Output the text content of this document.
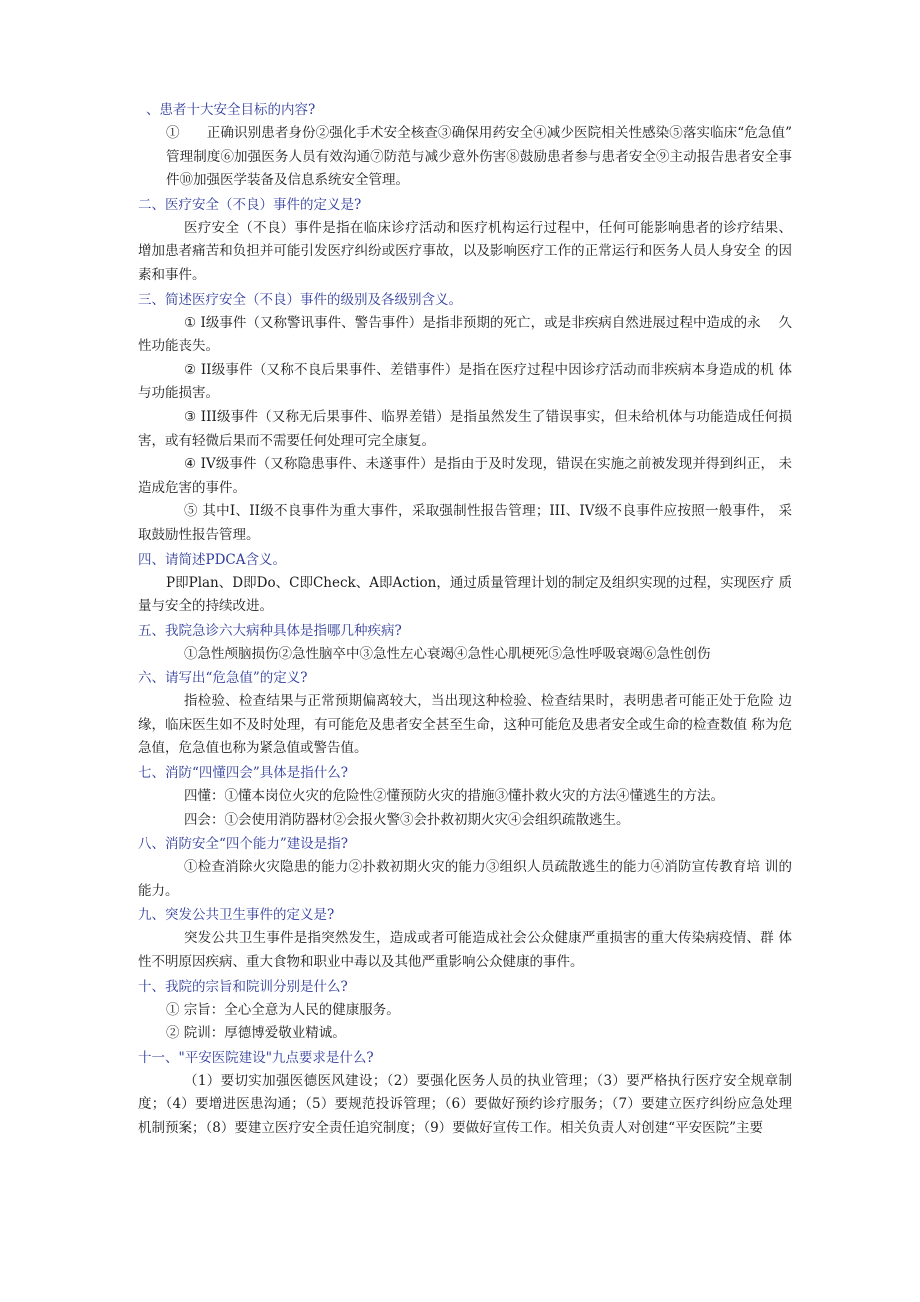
、患者十大安全目标的内容?

①　　正确识别患者身份②强化手术安全核查③确保用药安全④减少医院相关性感染⑤落实临床“危急值”　管理制度⑥加强医务人员有效沟通⑦防范与减少意外伤害⑧鼓励患者参与患者安全⑨主动报告患者安全事件⑩加强医学装备及信息系统安全管理。

二、医疗安全（不良）事件的定义是?

医疗安全（不良）事件是指在临床诊疗活动和医疗机构运行过程中，任何可能影响患者的诊疗结果、 增加患者痛苦和负担并可能引发医疗纠纷或医疗事故，以及影响医疗工作的正常运行和医务人员人身安全 的因素和事件。

三、简述医疗安全（不良）事件的级别及各级别含义。

① I级事件（又称警讯事件、警告事件）是指非预期的死亡，或是非疾病自然进展过程中造成的永　 久性功能丧失。

② II级事件（又称不良后果事件、差错事件）是指在医疗过程中因诊疗活动而非疾病本身造成的机 体与功能损害。

③ III级事件（又称无后果事件、临界差错）是指虽然发生了错误事实，但未给机体与功能造成任何损害，或有轻微后果而不需要任何处理可完全康复。

④ IV级事件（又称隐患事件、未遂事件）是指由于及时发现，错误在实施之前被发现并得到纠正， 未造成危害的事件。

⑤ 其中I、II级不良事件为重大事件，采取强制性报告管理；III、IV级不良事件应按照一般事件， 采取鼓励性报告管理。

四、请简述PDCA含义。

P即Plan、D即Do、C即Check、A即Action，通过质量管理计划的制定及组织实现的过程，实现医疗 质量与安全的持续改进。

五、我院急诊六大病种具体是指哪几种疾病?

①急性颅脑损伤②急性脑卒中③急性左心衰竭④急性心肌梗死⑤急性呼吸衰竭⑥急性创伤

六、请写出“危急值”的定义?

指检验、检查结果与正常预期偏离较大，当出现这种检验、检查结果时，表明患者可能正处于危险 边缘，临床医生如不及时处理，有可能危及患者安全甚至生命，这种可能危及患者安全或生命的检查数值 称为危急值，危急值也称为紧急值或警告值。

七、消防“四懂四会”具体是指什么?

四懂：①懂本岗位火灾的危险性②懂预防火灾的措施③懂扑救火灾的方法④懂逃生的方法。

四会：①会使用消防器材②会报火警③会扑救初期火灾④会组织疏散逃生。

八、消防安全“四个能力”建设是指?

①检查消除火灾隐患的能力②扑救初期火灾的能力③组织人员疏散逃生的能力④消防宣传教育培 训的能力。

九、突发公共卫生事件的定义是?

突发公共卫生事件是指突然发生，造成或者可能造成社会公众健康严重损害的重大传染病疫情、群 体性不明原因疾病、重大食物和职业中毒以及其他严重影响公众健康的事件。

十、我院的宗旨和院训分别是什么?

① 宗旨：全心全意为人民的健康服务。

② 院训：厚德博爱敬业精诚。

十一、"平安医院建设"九点要求是什么?

（1）要切实加强医德医风建设；（2）要强化医务人员的执业管理；（3）要严格执行医疗安全规章制度；（4）要增进医患沟通；（5）要规范投诉管理；（6）要做好预约诊疗服务；（7）要建立医疗纠纷应急处理机制预案；（8）要建立医疗安全责任追究制度；（9）要做好宣传工作。相关负责人对创建“平安医院”主要
